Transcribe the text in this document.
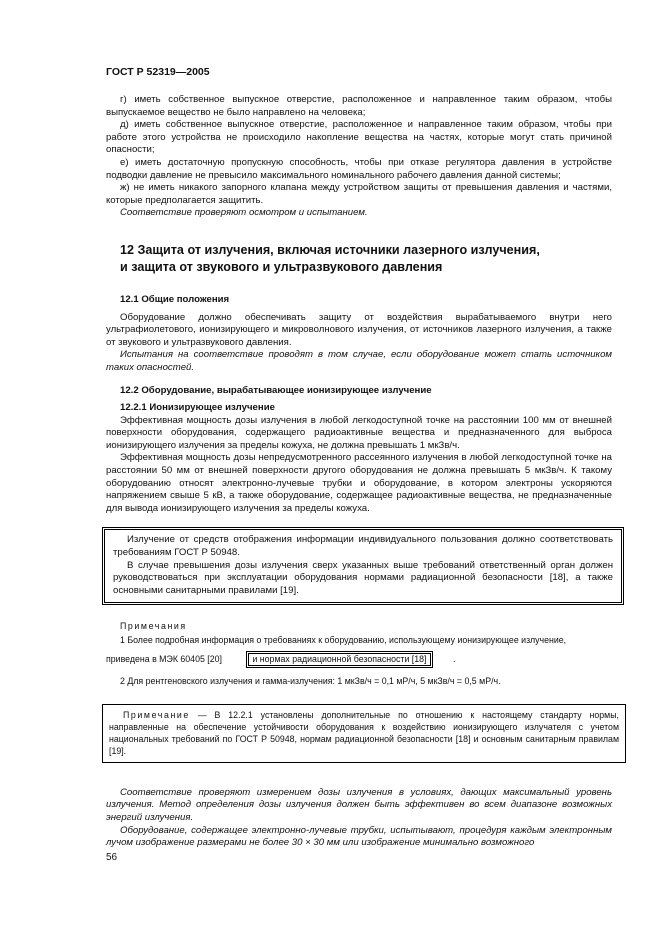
ГОСТ Р 52319—2005

г) иметь собственное выпускное отверстие, расположенное и направленное таким образом, чтобы выпускаемое вещество не было направлено на человека;

д) иметь собственное выпускное отверстие, расположенное и направленное таким образом, чтобы при работе этого устройства не происходило накопление вещества на частях, которые могут стать причиной опасности;

е) иметь достаточную пропускную способность, чтобы при отказе регулятора давления в устройстве подводки давление не превысило максимального номинального рабочего давления данной системы;

ж) не иметь никакого запорного клапана между устройством защиты от превышения давления и частями, которые предполагается защитить.

Соответствие проверяют осмотром и испытанием.

12 Защита от излучения, включая источники лазерного излучения,
и защита от звукового и ультразвукового давления
12.1 Общие положения

Оборудование должно обеспечивать защиту от воздействия вырабатываемого внутри него ультрафиолетового, ионизирующего и микроволнового излучения, от источников лазерного излучения, а также от звукового и ультразвукового давления.

Испытания на соответствие проводят в том случае, если оборудование может стать источником таких опасностей.

12.2 Оборудование, вырабатывающее ионизирующее излучение
12.2.1 Ионизирующее излучение

Эффективная мощность дозы излучения в любой легкодоступной точке на расстоянии 100 мм от внешней поверхности оборудования, содержащего радиоактивные вещества и предназначенного для выброса ионизирующего излучения за пределы кожуха, не должна превышать 1 мкЗв/ч.

Эффективная мощность дозы непредусмотренного рассеянного излучения в любой легкодоступной точке на расстоянии 50 мм от внешней поверхности другого оборудования не должна превышать 5 мкЗв/ч. К такому оборудованию относят электронно-лучевые трубки и оборудование, в котором электроны ускоряются напряжением свыше 5 кВ, а также оборудование, содержащее радиоактивные вещества, не предназначенные для вывода ионизирующего излучения за пределы кожуха.

Излучение от средств отображения информации индивидуального пользования должно соответствовать требованиям ГОСТ Р 50948.

В случае превышения дозы излучения сверх указанных выше требований ответственный орган должен руководствоваться при эксплуатации оборудования нормами радиационной безопасности [18], а также основными санитарными правилами [19].

Примечания
1 Более подробная информация о требованиях к оборудованию, использующему ионизирующее излучение,
приведена в МЭК 60405 [20]	и нормах радиационной безопасности [18]	.
2 Для рентгеновского излучения и гамма-излучения: 1 мкЗв/ч = 0,1 мР/ч, 5 мкЗв/ч = 0,5 мР/ч.
Примечание — В 12.2.1 установлены дополнительные по отношению к настоящему стандарту нормы, направленные на обеспечение устойчивости оборудования к воздействию ионизирующего излучателя с учетом национальных требований по ГОСТ Р 50948, нормам радиационной безопасности [18] и основным санитарным правилам [19].

Соответствие проверяют измерением дозы излучения в условиях, дающих максимальный уровень излучения. Метод определения дозы излучения должен быть эффективен во всем диапазоне возможных энергий излучения.

Оборудование, содержащее электронно-лучевые трубки, испытывают, процедуря каждым электронным лучом изображение размерами не более 30 × 30 мм или изображение минимально возможного

56
